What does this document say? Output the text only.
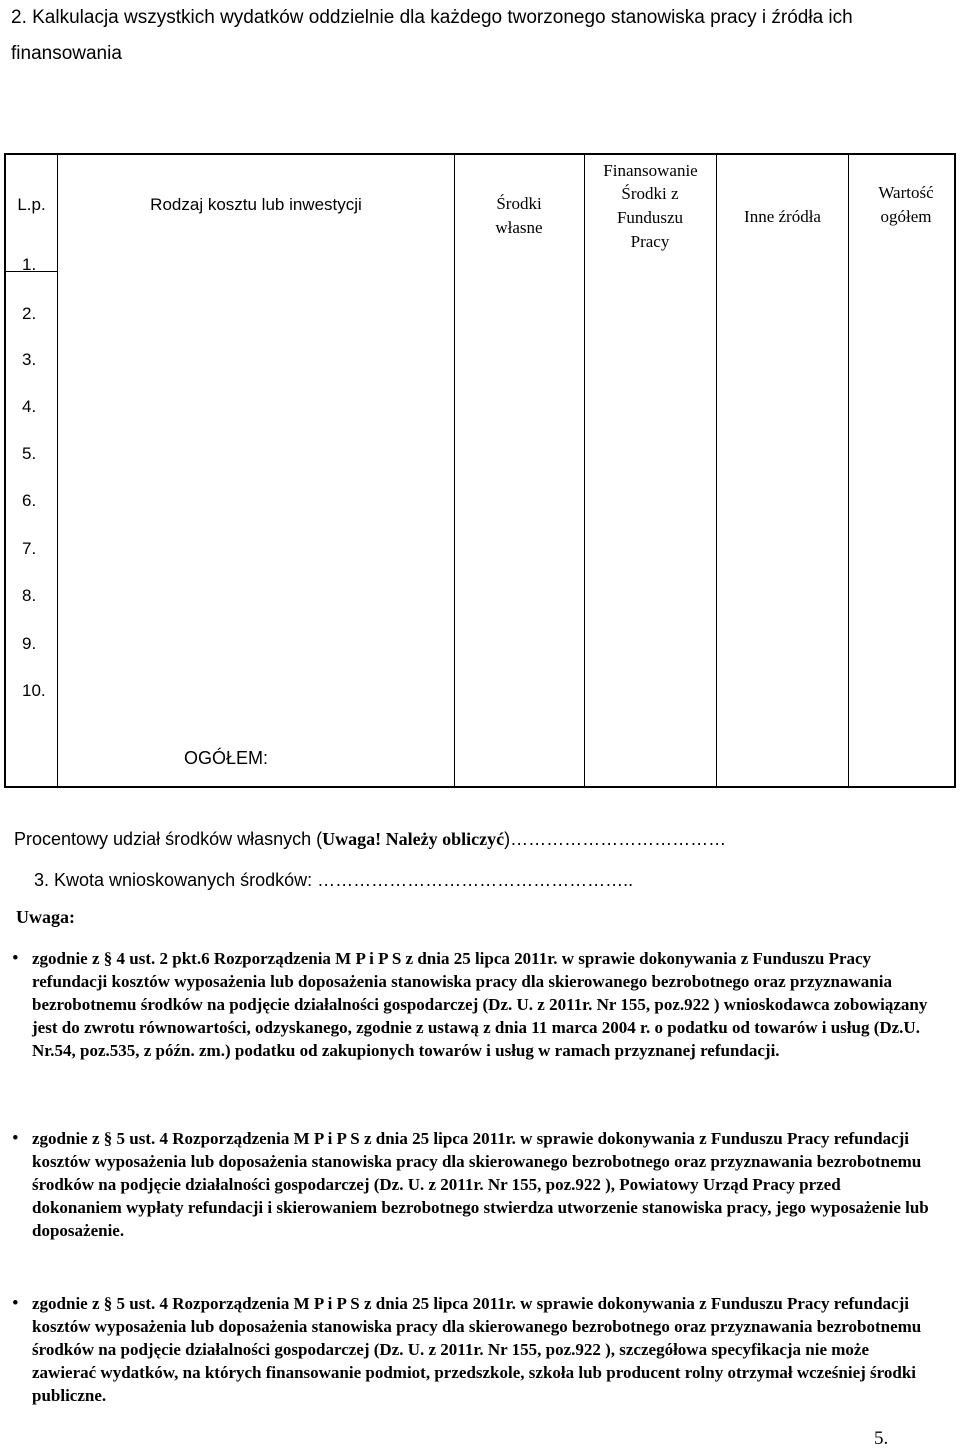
2. Kalkulacja wszystkich wydatków oddzielnie dla każdego tworzonego stanowiska pracy i źródła ich
finansowania
L.p.	Rodzaj kosztu lub inwestycji	Środki własne
Finansowanie
Środki z Funduszu Pracy
Inne źródła
Wartość ogółem
1.
2.
3.
4.
5.
6.
7.
8.
9.
10.
OGÓŁEM:
Procentowy udział środków własnych (Uwaga! Należy obliczyć)………………………………
3. Kwota wnioskowanych środków: ……………………………………………..
Uwaga:
• zgodnie z § 4 ust. 2 pkt.6 Rozporządzenia M P i P S z dnia 25 lipca 2011r. w sprawie dokonywania z Funduszu Pracy refundacji kosztów wyposażenia lub doposażenia stanowiska pracy dla skierowanego bezrobotnego oraz przyznawania bezrobotnemu środków na podjęcie działalności gospodarczej (Dz. U. z 2011r. Nr 155, poz.922 ) wnioskodawca zobowiązany jest do zwrotu równowartości, odzyskanego, zgodnie z ustawą z dnia 11 marca 2004 r. o podatku od towarów i usług (Dz.U. Nr.54, poz.535, z późn. zm.) podatku od zakupionych towarów i usług w ramach przyznanej refundacji.
• zgodnie z § 5 ust. 4 Rozporządzenia M P i P S z dnia 25 lipca 2011r. w sprawie dokonywania z Funduszu Pracy refundacji kosztów wyposażenia lub doposażenia stanowiska pracy dla skierowanego bezrobotnego oraz przyznawania bezrobotnemu środków na podjęcie działalności gospodarczej (Dz. U. z 2011r. Nr 155, poz.922 ), Powiatowy Urząd Pracy przed dokonaniem wypłaty refundacji i skierowaniem bezrobotnego stwierdza utworzenie stanowiska pracy, jego wyposażenie lub doposażenie.
• zgodnie z § 5 ust. 4 Rozporządzenia M P i P S z dnia 25 lipca 2011r. w sprawie dokonywania z Funduszu Pracy refundacji kosztów wyposażenia lub doposażenia stanowiska pracy dla skierowanego bezrobotnego oraz przyznawania bezrobotnemu środków na podjęcie działalności gospodarczej (Dz. U. z 2011r. Nr 155, poz.922 ), szczegółowa specyfikacja nie może zawierać wydatków, na których finansowanie podmiot, przedszkole, szkoła lub producent rolny otrzymał wcześniej środki publiczne.
5.
